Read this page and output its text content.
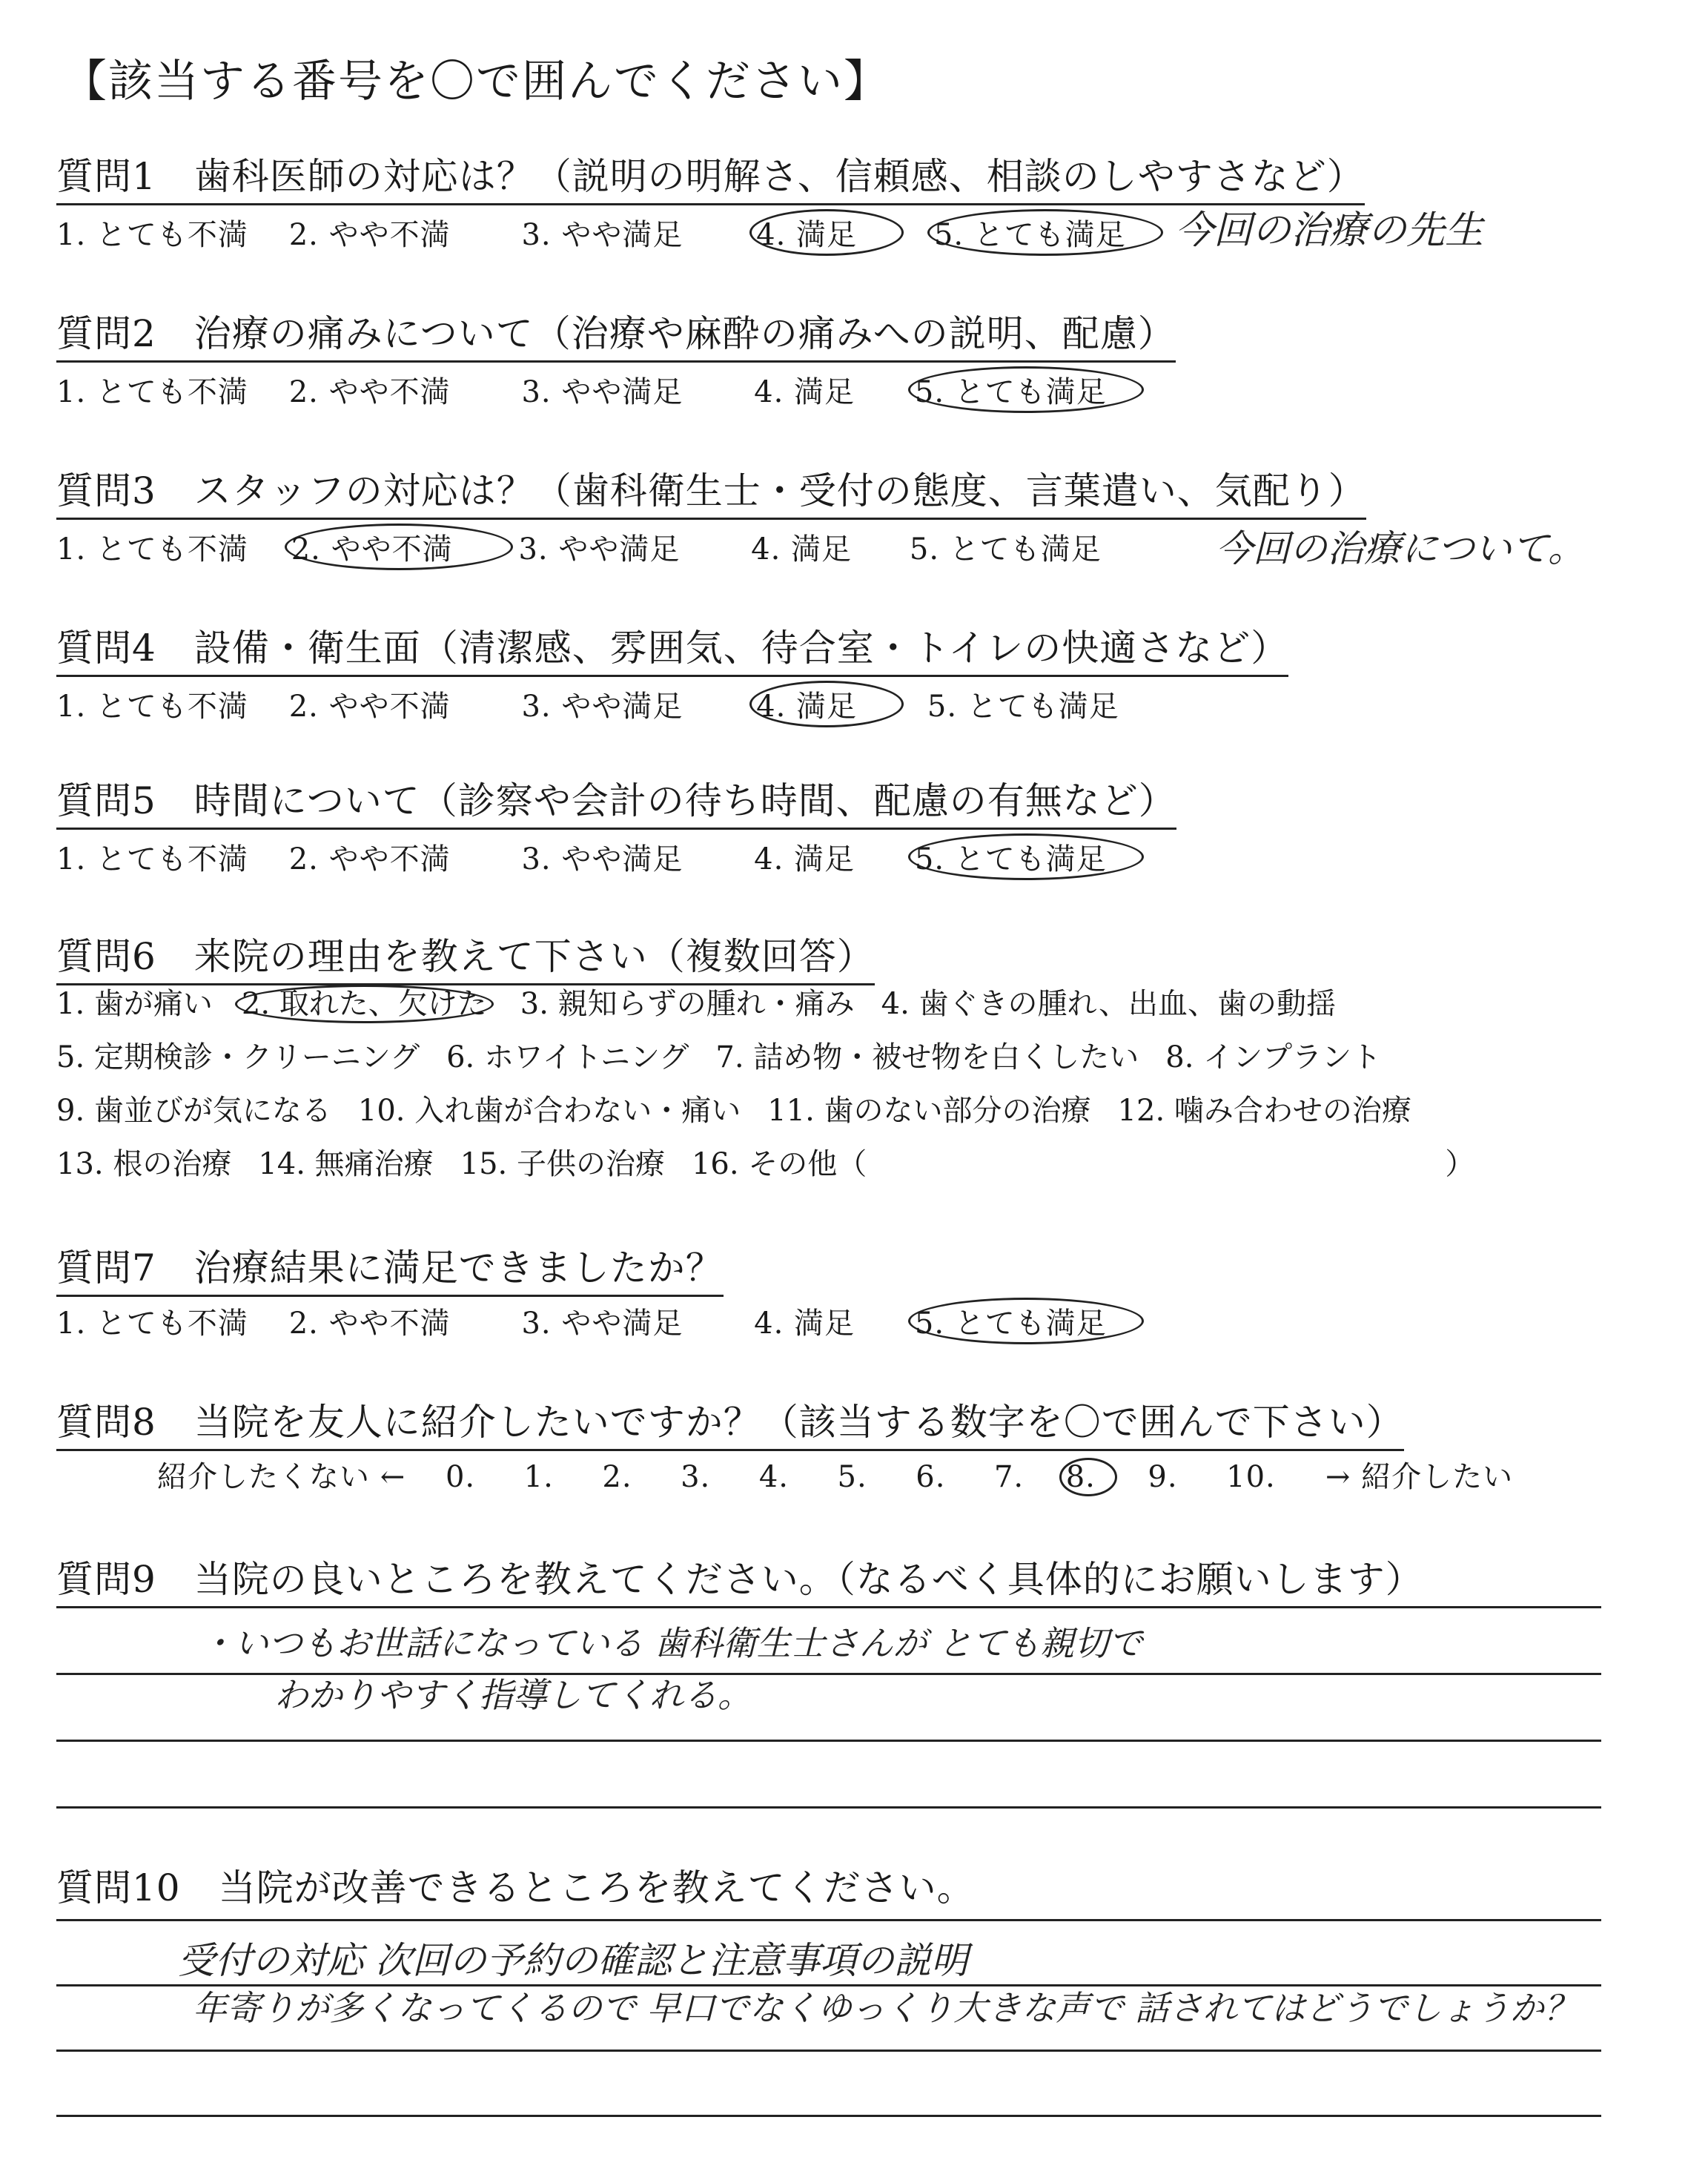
【該当する番号を〇で囲んでください】
質問1　歯科医師の対応は？（説明の明解さ、信頼感、相談のしやすさなど）
1. とても不満 2. やや不満 3. やや満足 4. 満足	5. とても満足	今回の治療の先生
質問2　治療の痛みについて（治療や麻酔の痛みへの説明、配慮）
1. とても不満 2. やや不満 3. やや満足 4. 満足 5. とても満足
質問3　スタッフの対応は？（歯科衛生士・受付の態度、言葉遣い、気配り）
1. とても不満 2. やや不満 3. やや満足 4. 満足 5. とても満足	今回の治療について。
質問4　設備・衛生面（清潔感、雰囲気、待合室・トイレの快適さなど）
1. とても不満 2. やや不満 3. やや満足 4. 満足 5. とても満足
質問5　時間について（診察や会計の待ち時間、配慮の有無など）
1. とても不満 2. やや不満 3. やや満足 4. 満足 5. とても満足
質問6　来院の理由を教えて下さい（複数回答）
1. 歯が痛い 2. 取れた、欠けた 3. 親知らずの腫れ・痛み 4. 歯ぐきの腫れ、出血、歯の動揺
5. 定期検診・クリーニング 6. ホワイトニング 7. 詰め物・被せ物を白くしたい 8. インプラント
9. 歯並びが気になる 10. 入れ歯が合わない・痛い 11. 歯のない部分の治療 12. 噛み合わせの治療
13. 根の治療 14. 無痛治療 15. 子供の治療 16. その他（	）
質問7　治療結果に満足できましたか？
1. とても不満 2. やや不満 3. やや満足 4. 満足 5. とても満足
質問8　当院を友人に紹介したいですか？（該当する数字を〇で囲んで下さい）
紹介したくない ← 0. 1. 2. 3. 4. 5. 6. 7. 8. 9. 10. → 紹介したい
質問9　当院の良いところを教えてください。（なるべく具体的にお願いします）
・いつもお世話になっている 歯科衛生士さんが とても親切で
わかりやすく指導してくれる。
質問10　当院が改善できるところを教えてください。
受付の対応 次回の予約の確認と注意事項の説明
年寄りが多くなってくるので 早口でなくゆっくり大きな声で 話されてはどうでしょうか？
